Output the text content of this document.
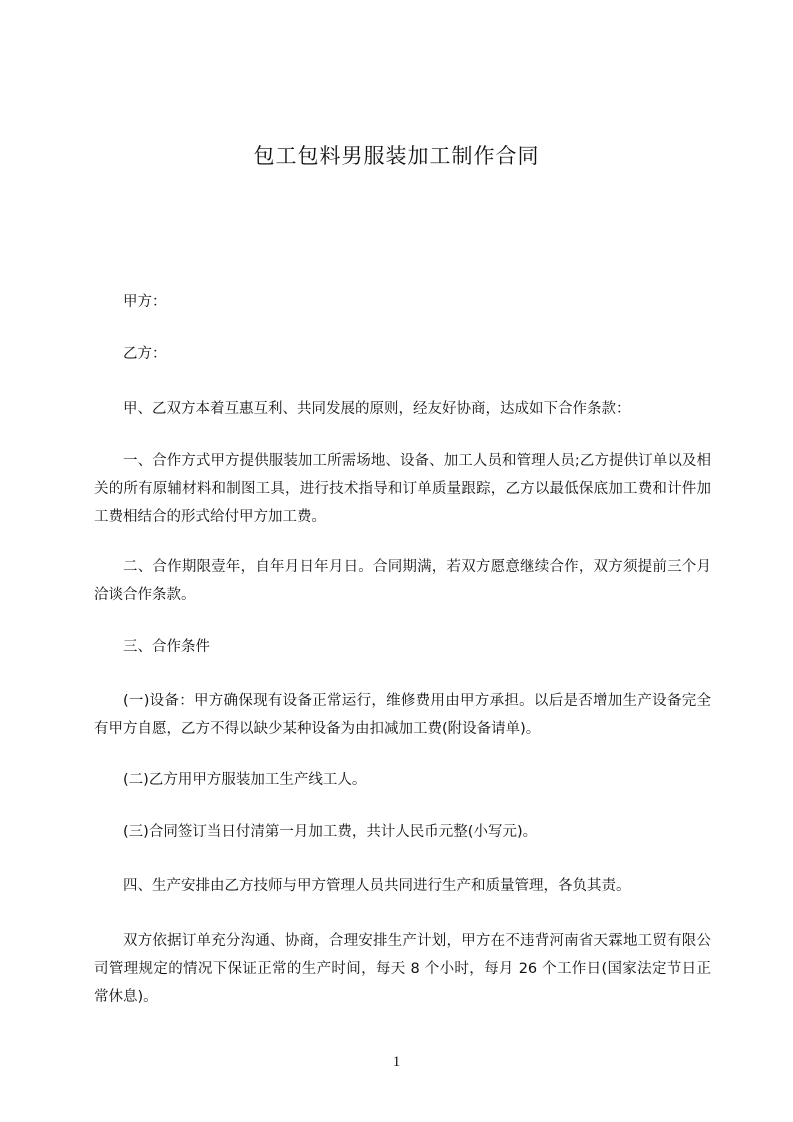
包工包料男服装加工制作合同

甲方：

乙方：

甲、乙双方本着互惠互利、共同发展的原则，经友好协商，达成如下合作条款：

一、合作方式甲方提供服装加工所需场地、设备、加工人员和管理人员;乙方提供订单以及相关的所有原辅材料和制图工具，进行技术指导和订单质量跟踪，乙方以最低保底加工费和计件加工费相结合的形式给付甲方加工费。

二、合作期限壹年，自年月日年月日。合同期满，若双方愿意继续合作，双方须提前三个月洽谈合作条款。

三、合作条件

(一)设备：甲方确保现有设备正常运行，维修费用由甲方承担。以后是否增加生产设备完全有甲方自愿，乙方不得以缺少某种设备为由扣减加工费(附设备请单)。

(二)乙方用甲方服装加工生产线工人。

(三)合同签订当日付清第一月加工费，共计人民币元整(小写元)。

四、生产安排由乙方技师与甲方管理人员共同进行生产和质量管理，各负其责。

双方依据订单充分沟通、协商，合理安排生产计划，甲方在不违背河南省天霖地工贸有限公司管理规定的情况下保证正常的生产时间，每天 8 个小时，每月 26 个工作日(国家法定节日正常休息)。

1
